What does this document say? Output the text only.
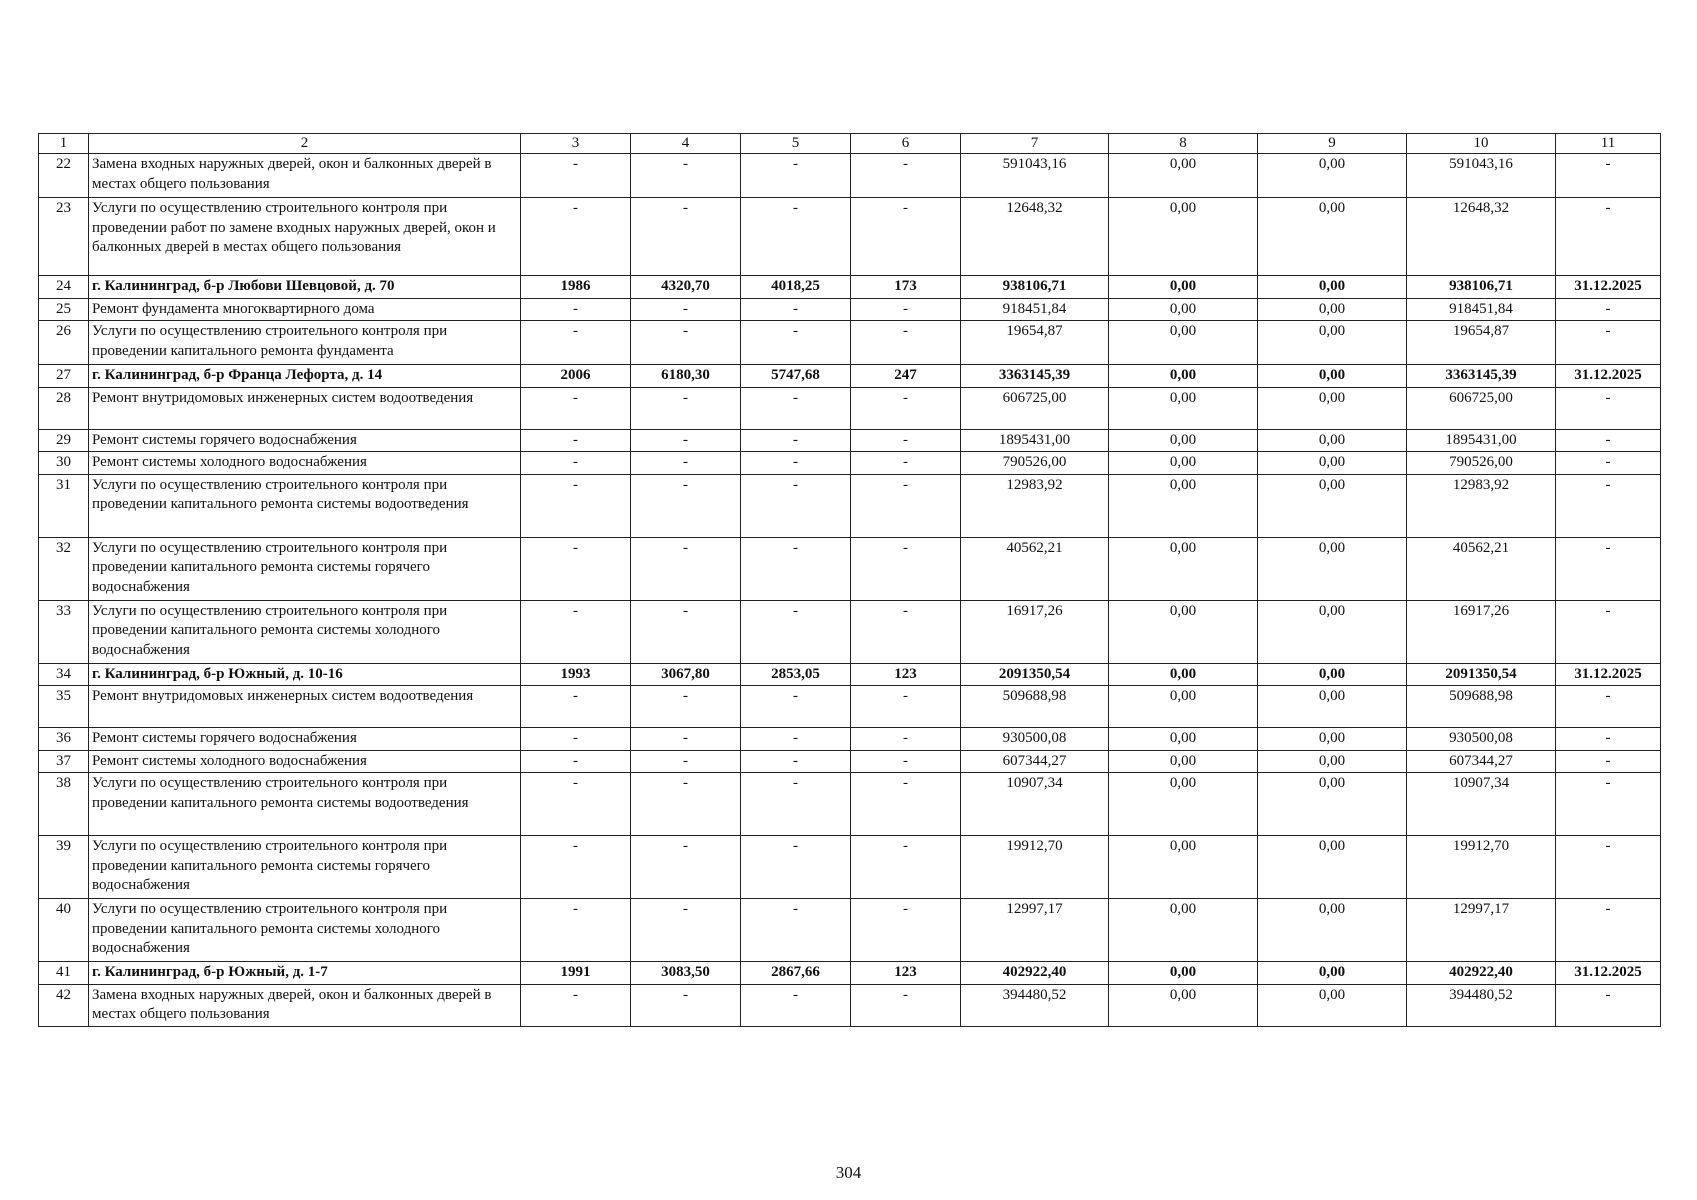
1	2	3	4	5	6	7	8	9	10	11
22	Замена входных наружных дверей, окон и балконных дверей в местах общего пользования	-	-	-	-	591043,16	0,00	0,00	591043,16	-
23	Услуги по осуществлению строительного контроля при проведении работ по замене входных наружных дверей, окон и балконных дверей в местах общего пользования	-	-	-	-	12648,32	0,00	0,00	12648,32	-
24	г. Калининград, б-р Любови Шевцовой, д. 70	1986	4320,70	4018,25	173	938106,71	0,00	0,00	938106,71	31.12.2025
25	Ремонт фундамента многоквартирного дома	-	-	-	-	918451,84	0,00	0,00	918451,84	-
26	Услуги по осуществлению строительного контроля при проведении капитального ремонта фундамента	-	-	-	-	19654,87	0,00	0,00	19654,87	-
27	г. Калининград, б-р Франца Лефорта, д. 14	2006	6180,30	5747,68	247	3363145,39	0,00	0,00	3363145,39	31.12.2025
28	Ремонт внутридомовых инженерных систем водоотведения	-	-	-	-	606725,00	0,00	0,00	606725,00	-
29	Ремонт системы горячего водоснабжения	-	-	-	-	1895431,00	0,00	0,00	1895431,00	-
30	Ремонт системы холодного водоснабжения	-	-	-	-	790526,00	0,00	0,00	790526,00	-
31	Услуги по осуществлению строительного контроля при проведении капитального ремонта системы водоотведения	-	-	-	-	12983,92	0,00	0,00	12983,92	-
32	Услуги по осуществлению строительного контроля при проведении капитального ремонта системы горячего водоснабжения	-	-	-	-	40562,21	0,00	0,00	40562,21	-
33	Услуги по осуществлению строительного контроля при проведении капитального ремонта системы холодного водоснабжения	-	-	-	-	16917,26	0,00	0,00	16917,26	-
34	г. Калининград, б-р Южный, д. 10-16	1993	3067,80	2853,05	123	2091350,54	0,00	0,00	2091350,54	31.12.2025
35	Ремонт внутридомовых инженерных систем водоотведения	-	-	-	-	509688,98	0,00	0,00	509688,98	-
36	Ремонт системы горячего водоснабжения	-	-	-	-	930500,08	0,00	0,00	930500,08	-
37	Ремонт системы холодного водоснабжения	-	-	-	-	607344,27	0,00	0,00	607344,27	-
38	Услуги по осуществлению строительного контроля при проведении капитального ремонта системы водоотведения	-	-	-	-	10907,34	0,00	0,00	10907,34	-
39	Услуги по осуществлению строительного контроля при проведении капитального ремонта системы горячего водоснабжения	-	-	-	-	19912,70	0,00	0,00	19912,70	-
40	Услуги по осуществлению строительного контроля при проведении капитального ремонта системы холодного водоснабжения	-	-	-	-	12997,17	0,00	0,00	12997,17	-
41	г. Калининград, б-р Южный, д. 1-7	1991	3083,50	2867,66	123	402922,40	0,00	0,00	402922,40	31.12.2025
42	Замена входных наружных дверей, окон и балконных дверей в местах общего пользования	-	-	-	-	394480,52	0,00	0,00	394480,52	-
304
